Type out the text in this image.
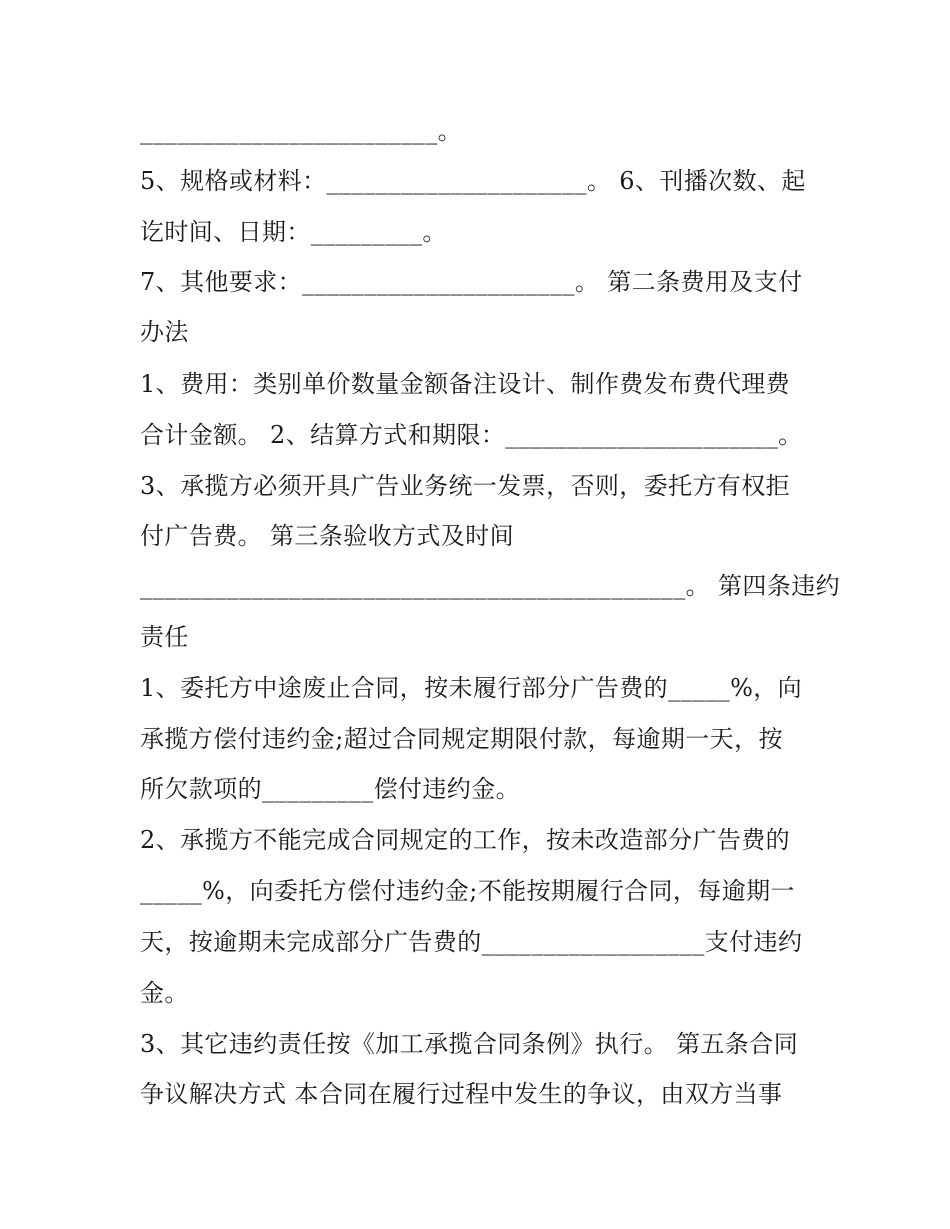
________________________。
5、规格或材料：_____________________。 6、刊播次数、起
讫时间、日期：_________。
7、其他要求：______________________。 第二条费用及支付
办法
1、费用：类别单价数量金额备注设计、制作费发布费代理费
合计金额。 2、结算方式和期限：______________________。
3、承揽方必须开具广告业务统一发票，否则，委托方有权拒
付广告费。 第三条验收方式及时间
____________________________________________。 第四条违约
责任
1、委托方中途废止合同，按未履行部分广告费的_____%，向
承揽方偿付违约金;超过合同规定期限付款，每逾期一天，按
所欠款项的_________偿付违约金。
2、承揽方不能完成合同规定的工作，按未改造部分广告费的
_____%，向委托方偿付违约金;不能按期履行合同，每逾期一
天，按逾期未完成部分广告费的__________________支付违约
金。
3、其它违约责任按《加工承揽合同条例》执行。 第五条合同
争议解决方式 本合同在履行过程中发生的争议，由双方当事
